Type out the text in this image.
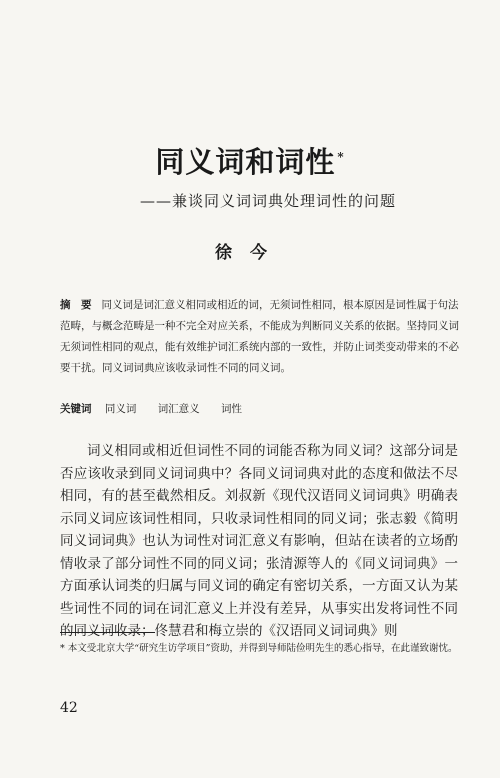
同义词和词性 *
——兼谈同义词词典处理词性的问题
徐今
摘　要 同义词是词汇意义相同或相近的词，无须词性相同，根本原因是词性属于句法范畴，与概念范畴是一种不完全对应关系，不能成为判断同义关系的依据。坚持同义词无须词性相同的观点，能有效维护词汇系统内部的一致性，并防止词类变动带来的不必要干扰。同义词词典应该收录词性不同的同义词。
关键词 同义词 词汇意义 词性
词义相同或相近但词性不同的词能否称为同义词？这部分词是否应该收录到同义词词典中？各同义词词典对此的态度和做法不尽相同，有的甚至截然相反。刘叔新《现代汉语同义词词典》明确表示同义词应该词性相同，只收录词性相同的同义词；张志毅《简明同义词词典》也认为词性对词汇意义有影响，但站在读者的立场酌情收录了部分词性不同的同义词；张清源等人的《同义词词典》一方面承认词类的归属与同义词的确定有密切关系，一方面又认为某些词性不同的词在词汇意义上并没有差异，从事实出发将词性不同的同义词收录；佟慧君和梅立崇的《汉语同义词词典》则
* 本文受北京大学“研究生访学项目”资助，并得到导师陆俭明先生的悉心指导，在此谨致谢忱。
42
